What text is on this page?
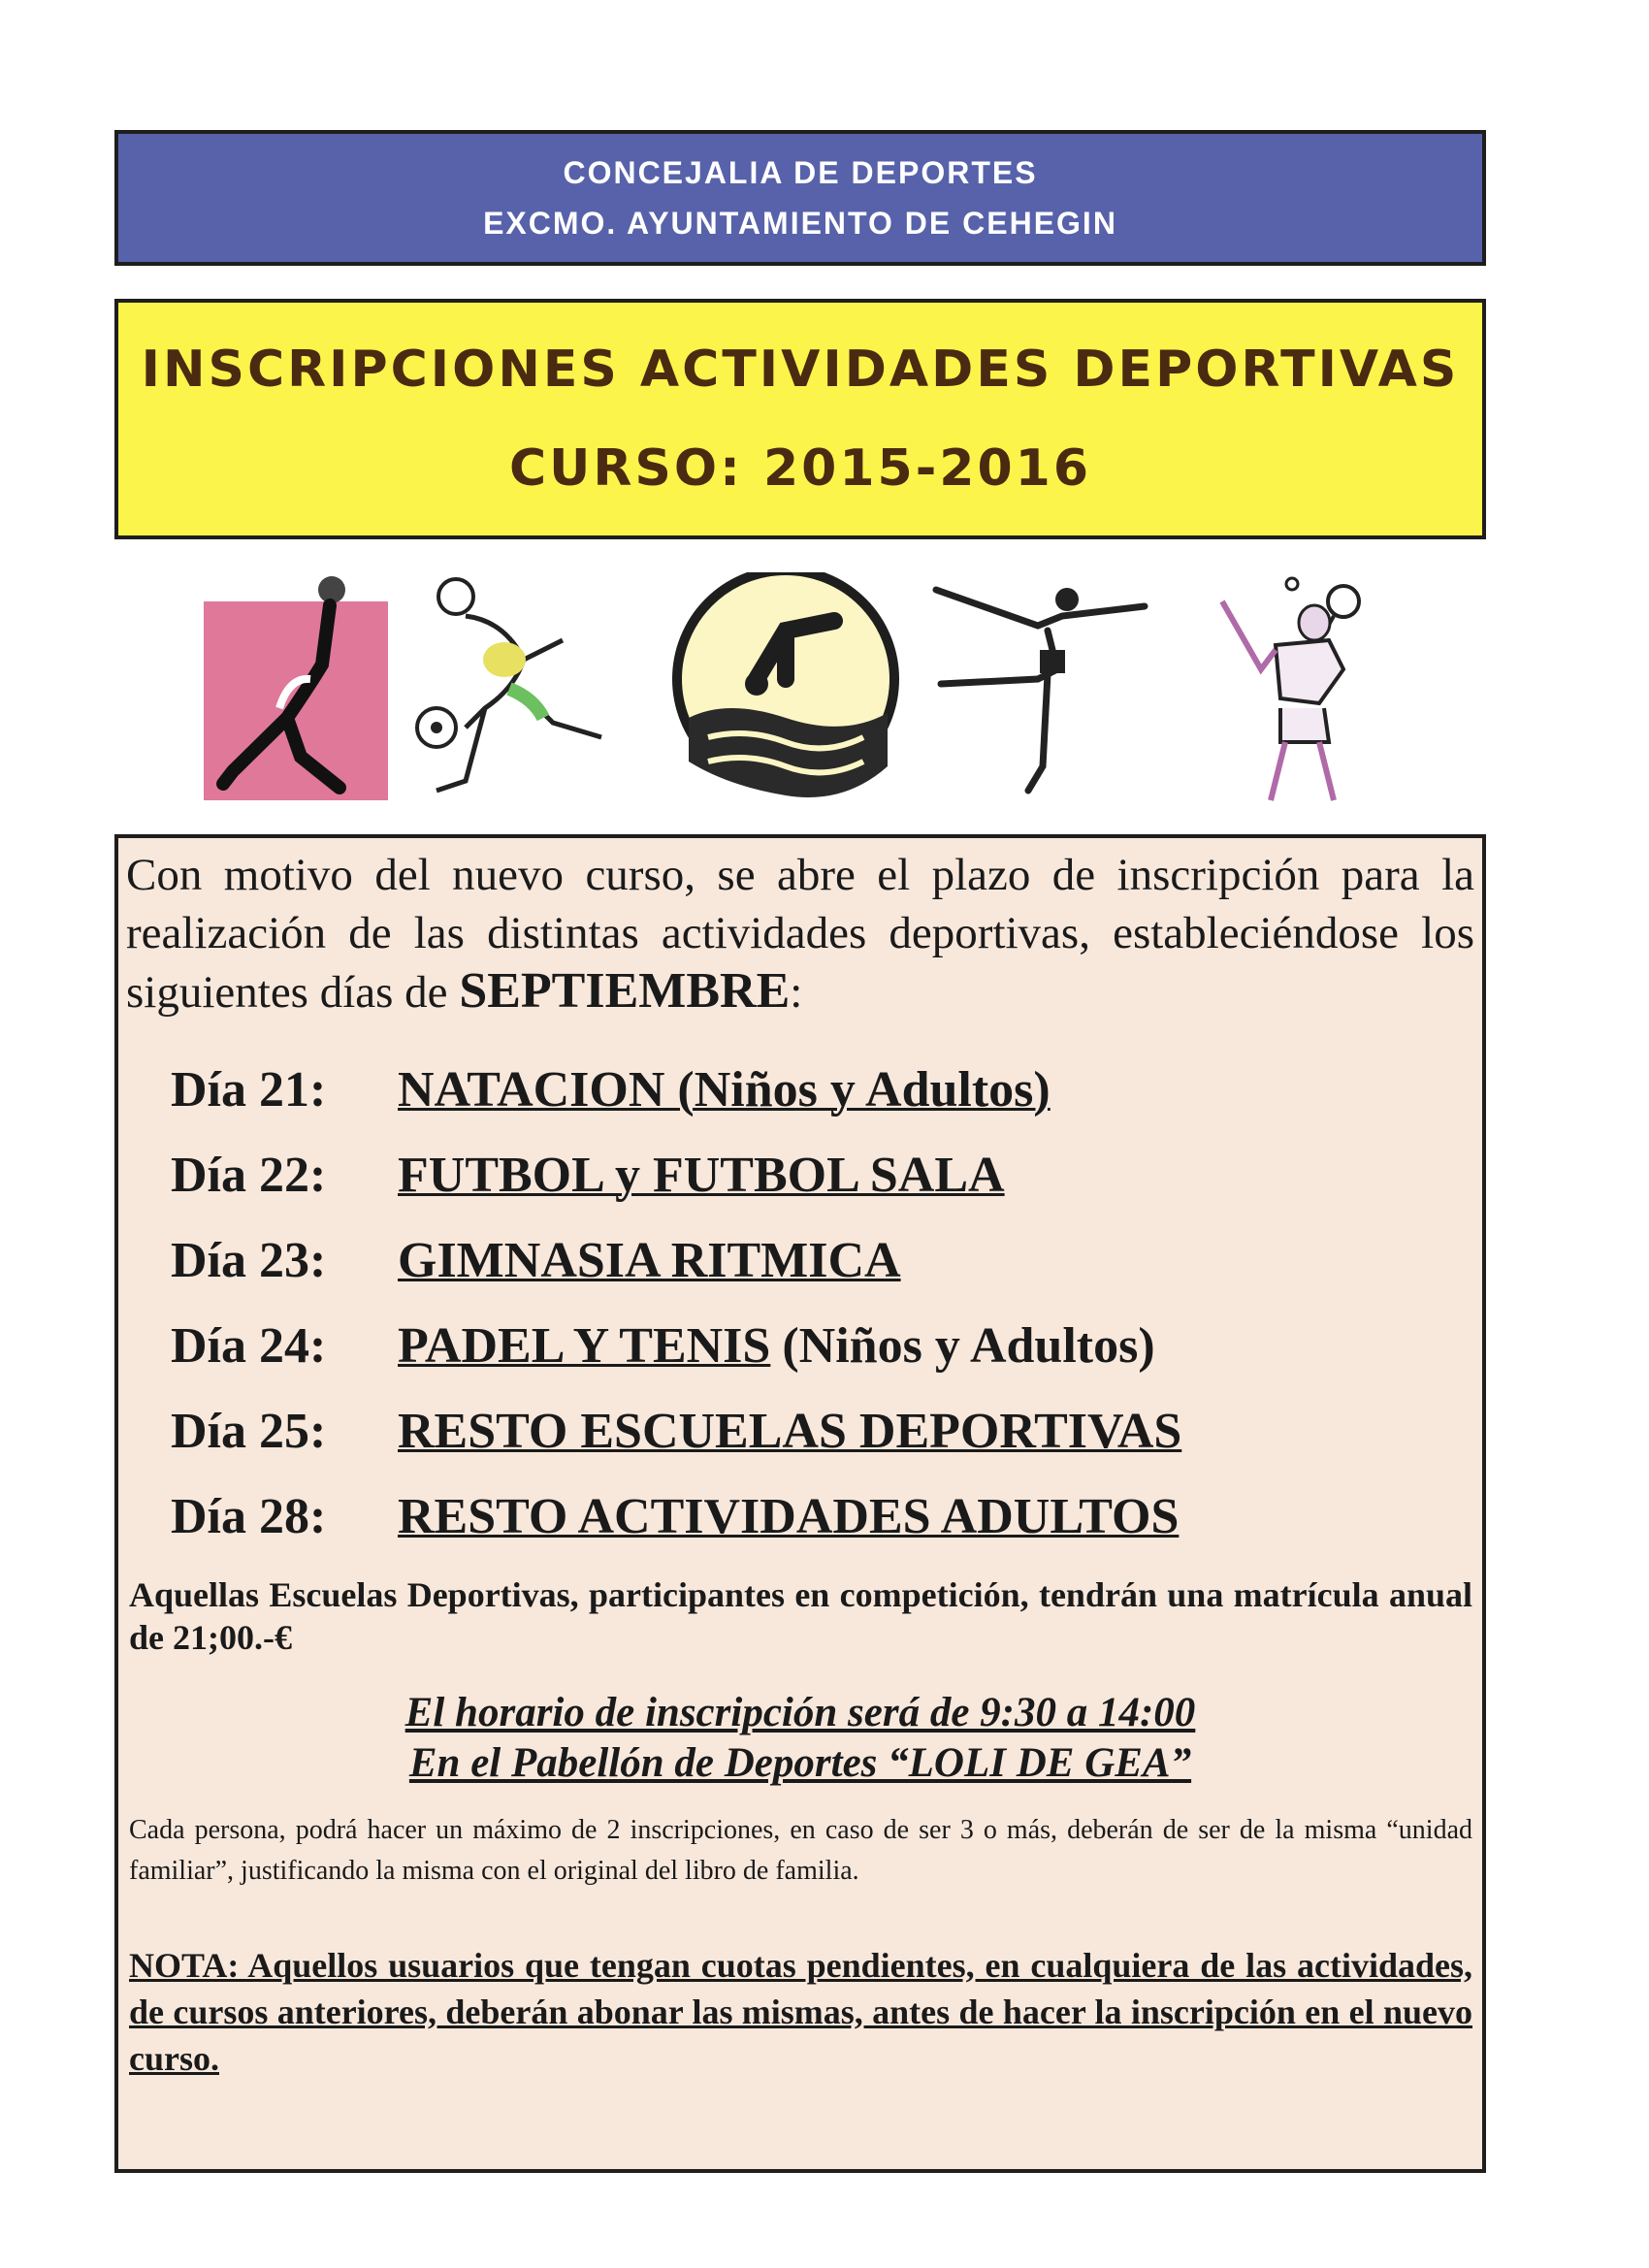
CONCEJALIA DE DEPORTES
EXCMO. AYUNTAMIENTO DE CEHEGIN
INSCRIPCIONES ACTIVIDADES DEPORTIVAS
CURSO: 2015-2016
Con motivo del nuevo curso, se abre el plazo de inscripción para la realización de las distintas actividades deportivas, estableciéndose los siguientes días de SEPTIEMBRE:
Día 21: NATACION (Niños y Adultos)
Día 22: FUTBOL y FUTBOL SALA
Día 23: GIMNASIA RITMICA
Día 24: PADEL Y TENIS (Niños y Adultos)
Día 25: RESTO ESCUELAS DEPORTIVAS
Día 28: RESTO ACTIVIDADES ADULTOS
Aquellas Escuelas Deportivas, participantes en competición, tendrán una matrícula anual de 21;00.-€
El horario de inscripción será de 9:30 a 14:00
En el Pabellón de Deportes “LOLI DE GEA”
Cada persona, podrá hacer un máximo de 2 inscripciones, en caso de ser 3 o más, deberán de ser de la misma “unidad familiar”, justificando la misma con el original del libro de familia.
NOTA: Aquellos usuarios que tengan cuotas pendientes, en cualquiera de las actividades, de cursos anteriores, deberán abonar las mismas, antes de hacer la inscripción en el nuevo curso.
